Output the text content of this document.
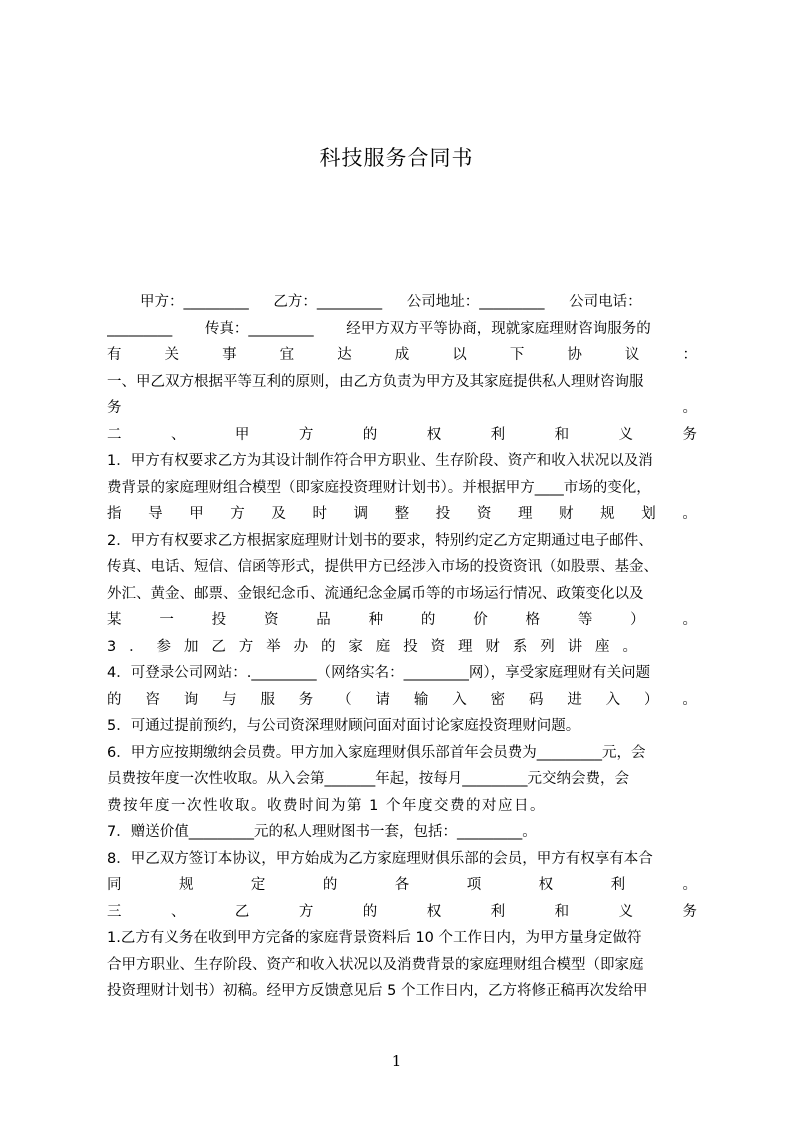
科技服务合同书
甲方：_________ 乙方：_________ 公司地址：_________ 公司电话：
_________ 传真：_________ 经甲方双方平等协商，现就家庭理财咨询服务的
有	关	事	宜	达	成	以	下	协	议	：
一、甲乙双方根据平等互利的原则，由乙方负责为甲方及其家庭提供私人理财咨询服
务	。
二	、	甲	方	的	权	利	和	义	务
1．甲方有权要求乙方为其设计制作符合甲方职业、生存阶段、资产和收入状况以及消
费背景的家庭理财组合模型（即家庭投资理财计划书）。并根据甲方____市场的变化，
指 导 甲 方 及 时 调 整 投 资 理 财 规 划 。
2．甲方有权要求乙方根据家庭理财计划书的要求，特别约定乙方定期通过电子邮件、
传真、电话、短信、信函等形式，提供甲方已经涉入市场的投资资讯（如股票、基金、
外汇、黄金、邮票、金银纪念币、流通纪念金属币等的市场运行情况、政策变化以及
某	一	投	资	品	种	的	价	格	等	）	。
3 ． 参 加 乙 方 举 办 的 家 庭 投 资 理 财 系 列 讲 座 。
4．可登录公司网站：._________（网络实名：_________网），享受家庭理财有关问题
的 咨 询 与 服 务 （ 请 输 入 密 码 进 入 ） 。
5．可通过提前预约，与公司资深理财顾问面对面讨论家庭投资理财问题。
6．甲方应按期缴纳会员费。甲方加入家庭理财俱乐部首年会员费为_________元，会
员费按年度一次性收取。从入会第_______年起，按每月_________元交纳会费，会
费按年度一次性收取。收费时间为第 1 个年度交费的对应日。
7．赠送价值_________元的私人理财图书一套，包括：_________。
8．甲乙双方签订本协议，甲方始成为乙方家庭理财俱乐部的会员，甲方有权享有本合
同	规	定	的	各	项	权	利	。
三	、	乙	方	的	权	利	和	义	务
1.乙方有义务在收到甲方完备的家庭背景资料后 10 个工作日内，为甲方量身定做符
合甲方职业、生存阶段、资产和收入状况以及消费背景的家庭理财组合模型（即家庭
投资理财计划书）初稿。经甲方反馈意见后 5 个工作日内，乙方将修正稿再次发给甲
1
